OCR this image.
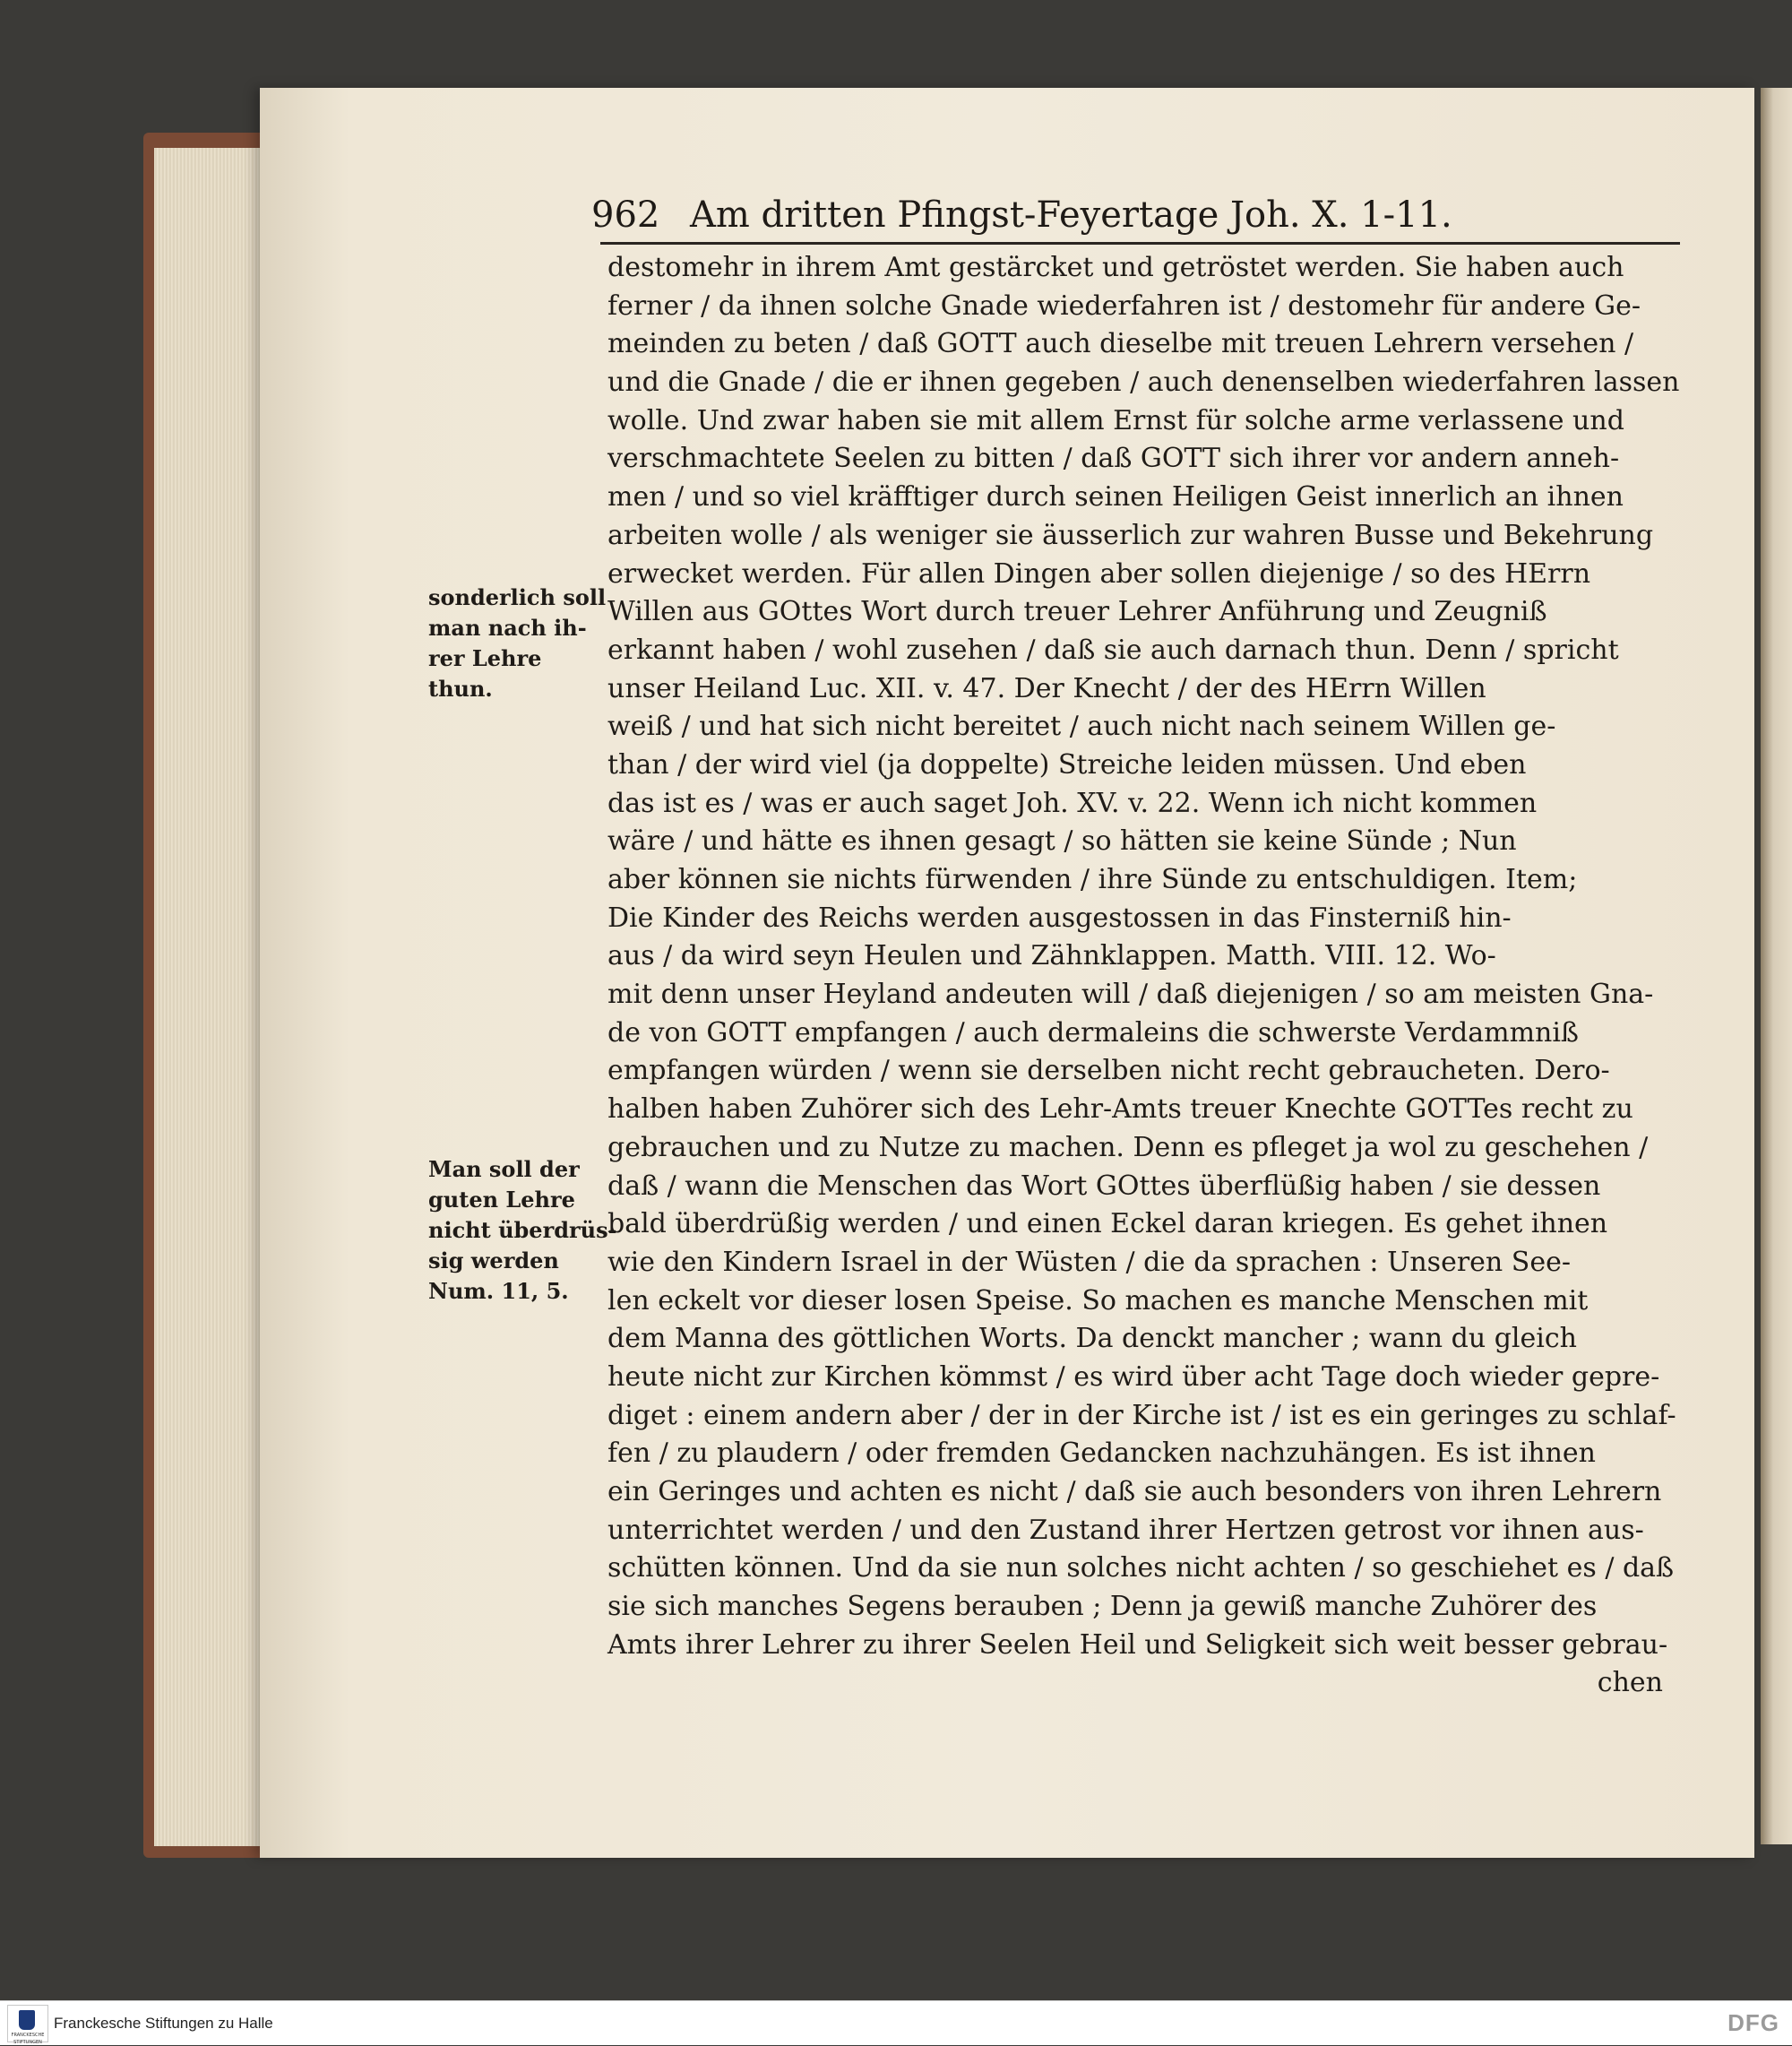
962 Am dritten Pfingst-Feyertage Joh. X. 1-11.
sonderlich soll
man nach ih-
rer Lehre
thun.
Man soll der
guten Lehre
nicht überdrüs-
sig werden
Num. 11, 5.
destomehr in ihrem Amt gestärcket und getröstet werden. Sie haben auch
ferner / da ihnen solche Gnade wiederfahren ist / destomehr für andere Ge-
meinden zu beten / daß GOTT auch dieselbe mit treuen Lehrern versehen /
und die Gnade / die er ihnen gegeben / auch denenselben wiederfahren lassen
wolle. Und zwar haben sie mit allem Ernst für solche arme verlassene und
verschmachtete Seelen zu bitten / daß GOTT sich ihrer vor andern anneh-
men / und so viel kräfftiger durch seinen Heiligen Geist innerlich an ihnen
arbeiten wolle / als weniger sie äusserlich zur wahren Busse und Bekehrung
erwecket werden. Für allen Dingen aber sollen diejenige / so des HErrn
Willen aus GOttes Wort durch treuer Lehrer Anführung und Zeugniß
erkannt haben / wohl zusehen / daß sie auch darnach thun. Denn / spricht
unser Heiland Luc. XII. v. 47. Der Knecht / der des HErrn Willen
weiß / und hat sich nicht bereitet / auch nicht nach seinem Willen ge-
than / der wird viel (ja doppelte) Streiche leiden müssen. Und eben
das ist es / was er auch saget Joh. XV. v. 22. Wenn ich nicht kommen
wäre / und hätte es ihnen gesagt / so hätten sie keine Sünde ; Nun
aber können sie nichts fürwenden / ihre Sünde zu entschuldigen. Item;
Die Kinder des Reichs werden ausgestossen in das Finsterniß hin-
aus / da wird seyn Heulen und Zähnklappen. Matth. VIII. 12. Wo-
mit denn unser Heyland andeuten will / daß diejenigen / so am meisten Gna-
de von GOTT empfangen / auch dermaleins die schwerste Verdammniß
empfangen würden / wenn sie derselben nicht recht gebraucheten. Dero-
halben haben Zuhörer sich des Lehr-Amts treuer Knechte GOTTes recht zu
gebrauchen und zu Nutze zu machen. Denn es pfleget ja wol zu geschehen /
daß / wann die Menschen das Wort GOttes überflüßig haben / sie dessen
bald überdrüßig werden / und einen Eckel daran kriegen. Es gehet ihnen
wie den Kindern Israel in der Wüsten / die da sprachen : Unseren See-
len eckelt vor dieser losen Speise. So machen es manche Menschen mit
dem Manna des göttlichen Worts. Da denckt mancher ; wann du gleich
heute nicht zur Kirchen kömmst / es wird über acht Tage doch wieder gepre-
diget : einem andern aber / der in der Kirche ist / ist es ein geringes zu schlaf-
fen / zu plaudern / oder fremden Gedancken nachzuhängen. Es ist ihnen
ein Geringes und achten es nicht / daß sie auch besonders von ihren Lehrern
unterrichtet werden / und den Zustand ihrer Hertzen getrost vor ihnen aus-
schütten können. Und da sie nun solches nicht achten / so geschiehet es / daß
sie sich manches Segens berauben ; Denn ja gewiß manche Zuhörer des
Amts ihrer Lehrer zu ihrer Seelen Heil und Seligkeit sich weit besser gebrau-
chen
FRANCKESCHE STIFTUNGEN
Franckesche Stiftungen zu Halle	DFG
